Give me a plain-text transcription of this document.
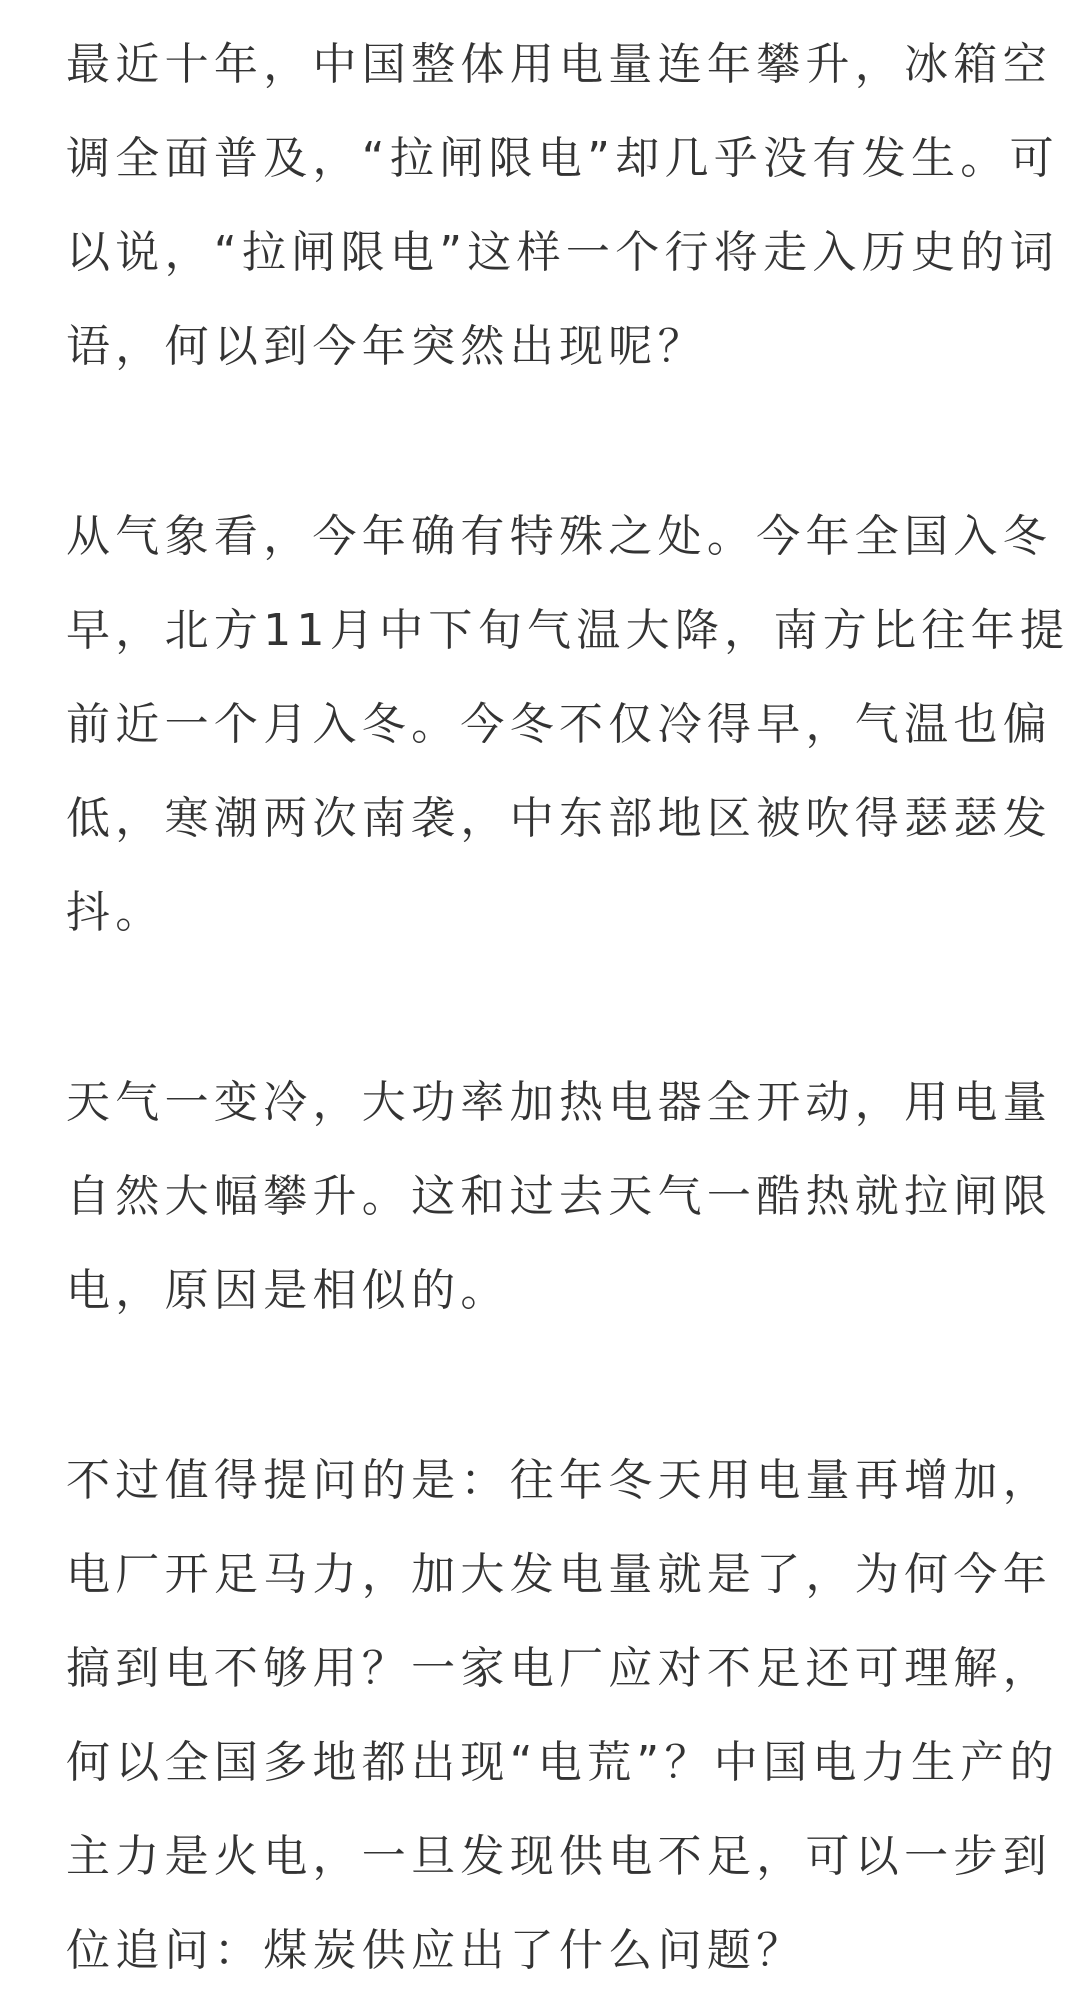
最近十年，中国整体用电量连年攀升，冰箱空
调全面普及，“拉闸限电”却几乎没有发生。可
以说，“拉闸限电”这样一个行将走入历史的词
语，何以到今年突然出现呢？

从气象看，今年确有特殊之处。今年全国入冬
早，北方11月中下旬气温大降，南方比往年提
前近一个月入冬。今冬不仅冷得早，气温也偏
低，寒潮两次南袭，中东部地区被吹得瑟瑟发
抖。

天气一变冷，大功率加热电器全开动，用电量
自然大幅攀升。这和过去天气一酷热就拉闸限
电，原因是相似的。

不过值得提问的是：往年冬天用电量再增加，
电厂开足马力，加大发电量就是了，为何今年
搞到电不够用？一家电厂应对不足还可理解，
何以全国多地都出现“电荒”？中国电力生产的
主力是火电，一旦发现供电不足，可以一步到
位追问：煤炭供应出了什么问题？
